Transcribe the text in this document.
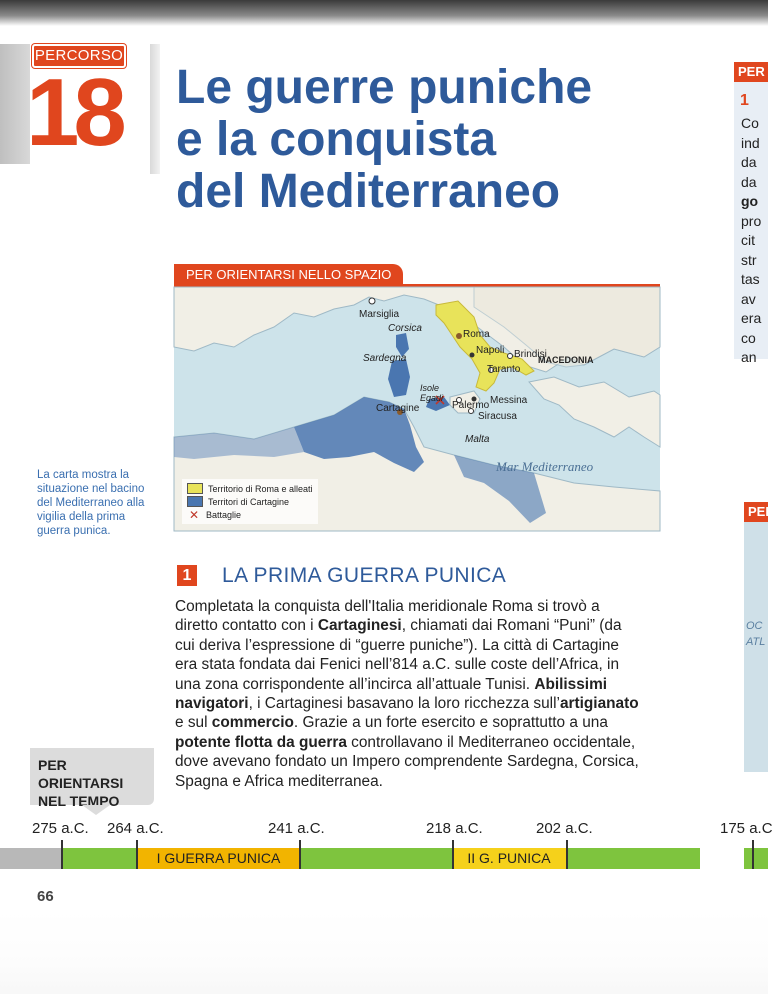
PERCORSO
18	Le guerre puniche
e la conquista
del Mediterraneo
PER
1
Co
ind
da
da
go
pro
cit
str
tas
av
era
co
an
PER
OC
ATL
PER ORIENTARSI NELLO SPAZIO
Marsiglia
Corsica
Roma
Sardegna
Napoli Brindisi
Taranto
MACEDONIA
Isole Egadi
Palermo Messina
Cartagine
Siracusa
Malta
Mar Mediterraneo
Territorio di Roma e alleati
Territori di Cartagine
✕ Battaglie
La carta mostra la situazione nel bacino del Mediterraneo alla vigilia della prima guerra punica.
1 LA PRIMA GUERRA PUNICA
Completata la conquista dell'Italia meridionale Roma si trovò a
diretto contatto con i Cartaginesi, chiamati dai Romani “Puni” (da
cui deriva l’espressione di “guerre puniche”). La città di Cartagine
era stata fondata dai Fenici nell’814 a.C. sulle coste dell’Africa, in
una zona corrispondente all’incirca all’attuale Tunisi. Abilissimi
navigatori, i Cartaginesi basavano la loro ricchezza sull’artigianato
e sul commercio. Grazie a un forte esercito e soprattutto a una
potente flotta da guerra controllavano il Mediterraneo occidentale,
dove avevano fondato un Impero comprendente Sardegna, Corsica,
Spagna e Africa mediterranea.
PER ORIENTARSI
NEL TEMPO
275 a.C. 264 a.C.	241 a.C.	218 a.C.	202 a.C.	175 a.C
I GUERRA PUNICA	II G. PUNICA
66
